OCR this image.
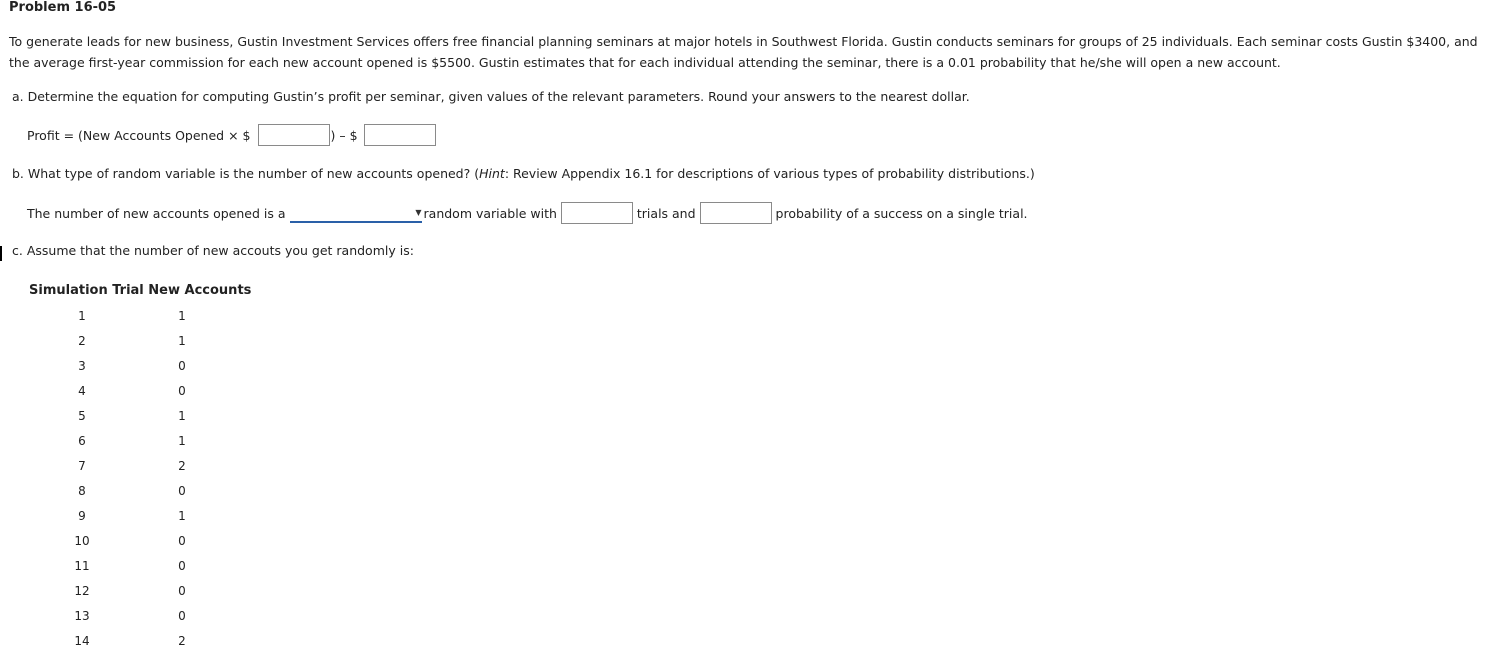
Problem 16-05
To generate leads for new business, Gustin Investment Services offers free financial planning seminars at major hotels in Southwest Florida. Gustin conducts seminars for groups of 25 individuals. Each seminar costs Gustin $3400, and the average first-year commission for each new account opened is $5500. Gustin estimates that for each individual attending the seminar, there is a 0.01 probability that he/she will open a new account.
a. Determine the equation for computing Gustin’s profit per seminar, given values of the relevant parameters. Round your answers to the nearest dollar.
Profit = (New Accounts Opened × $	) – $
b. What type of random variable is the number of new accounts opened? (Hint: Review Appendix 16.1 for descriptions of various types of probability distributions.)
The number of new accounts opened is a	▼ random variable with	trials and	probability of a success on a single trial.
c. Assume that the number of new accouts you get randomly is:
Simulation Trial New Accounts
1	1
2	1
3	0
4	0
5	1
6	1
7	2
8	0
9	1
10	0
11	0
12	0
13	0
14	2
